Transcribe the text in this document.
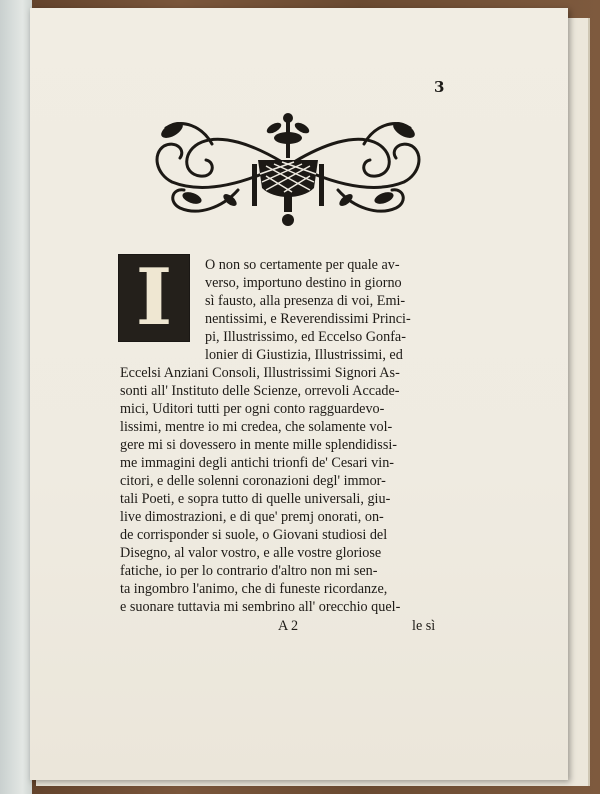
3
I	O non so certamente per quale av-
verso, importuno destino in giorno
sì fausto, alla presenza di voi, Emi-
nentissimi, e Reverendissimi Princi-
pi, Illustrissimo, ed Eccelso Gonfa-
lonier di Giustizia, Illustrissimi, ed
Eccelsi Anziani Consoli, Illustrissimi Signori As-
sonti all' Instituto delle Scienze, orrevoli Accade-
mici, Uditori tutti per ogni conto ragguardevo-
lissimi, mentre io mi credea, che solamente vol-
gere mi si dovessero in mente mille splendidissi-
me immagini degli antichi trionfi de' Cesari vin-
citori, e delle solenni coronazioni degl' immor-
tali Poeti, e sopra tutto di quelle universali, giu-
live dimostrazioni, e di que' premj onorati, on-
de corrisponder si suole, o Giovani studiosi del
Disegno, al valor vostro, e alle vostre gloriose
fatiche, io per lo contrario d'altro non mi sen-
ta ingombro l'animo, che di funeste ricordanze,
e suonare tuttavia mi sembrino all' orecchio quel-
A 2	le sì
